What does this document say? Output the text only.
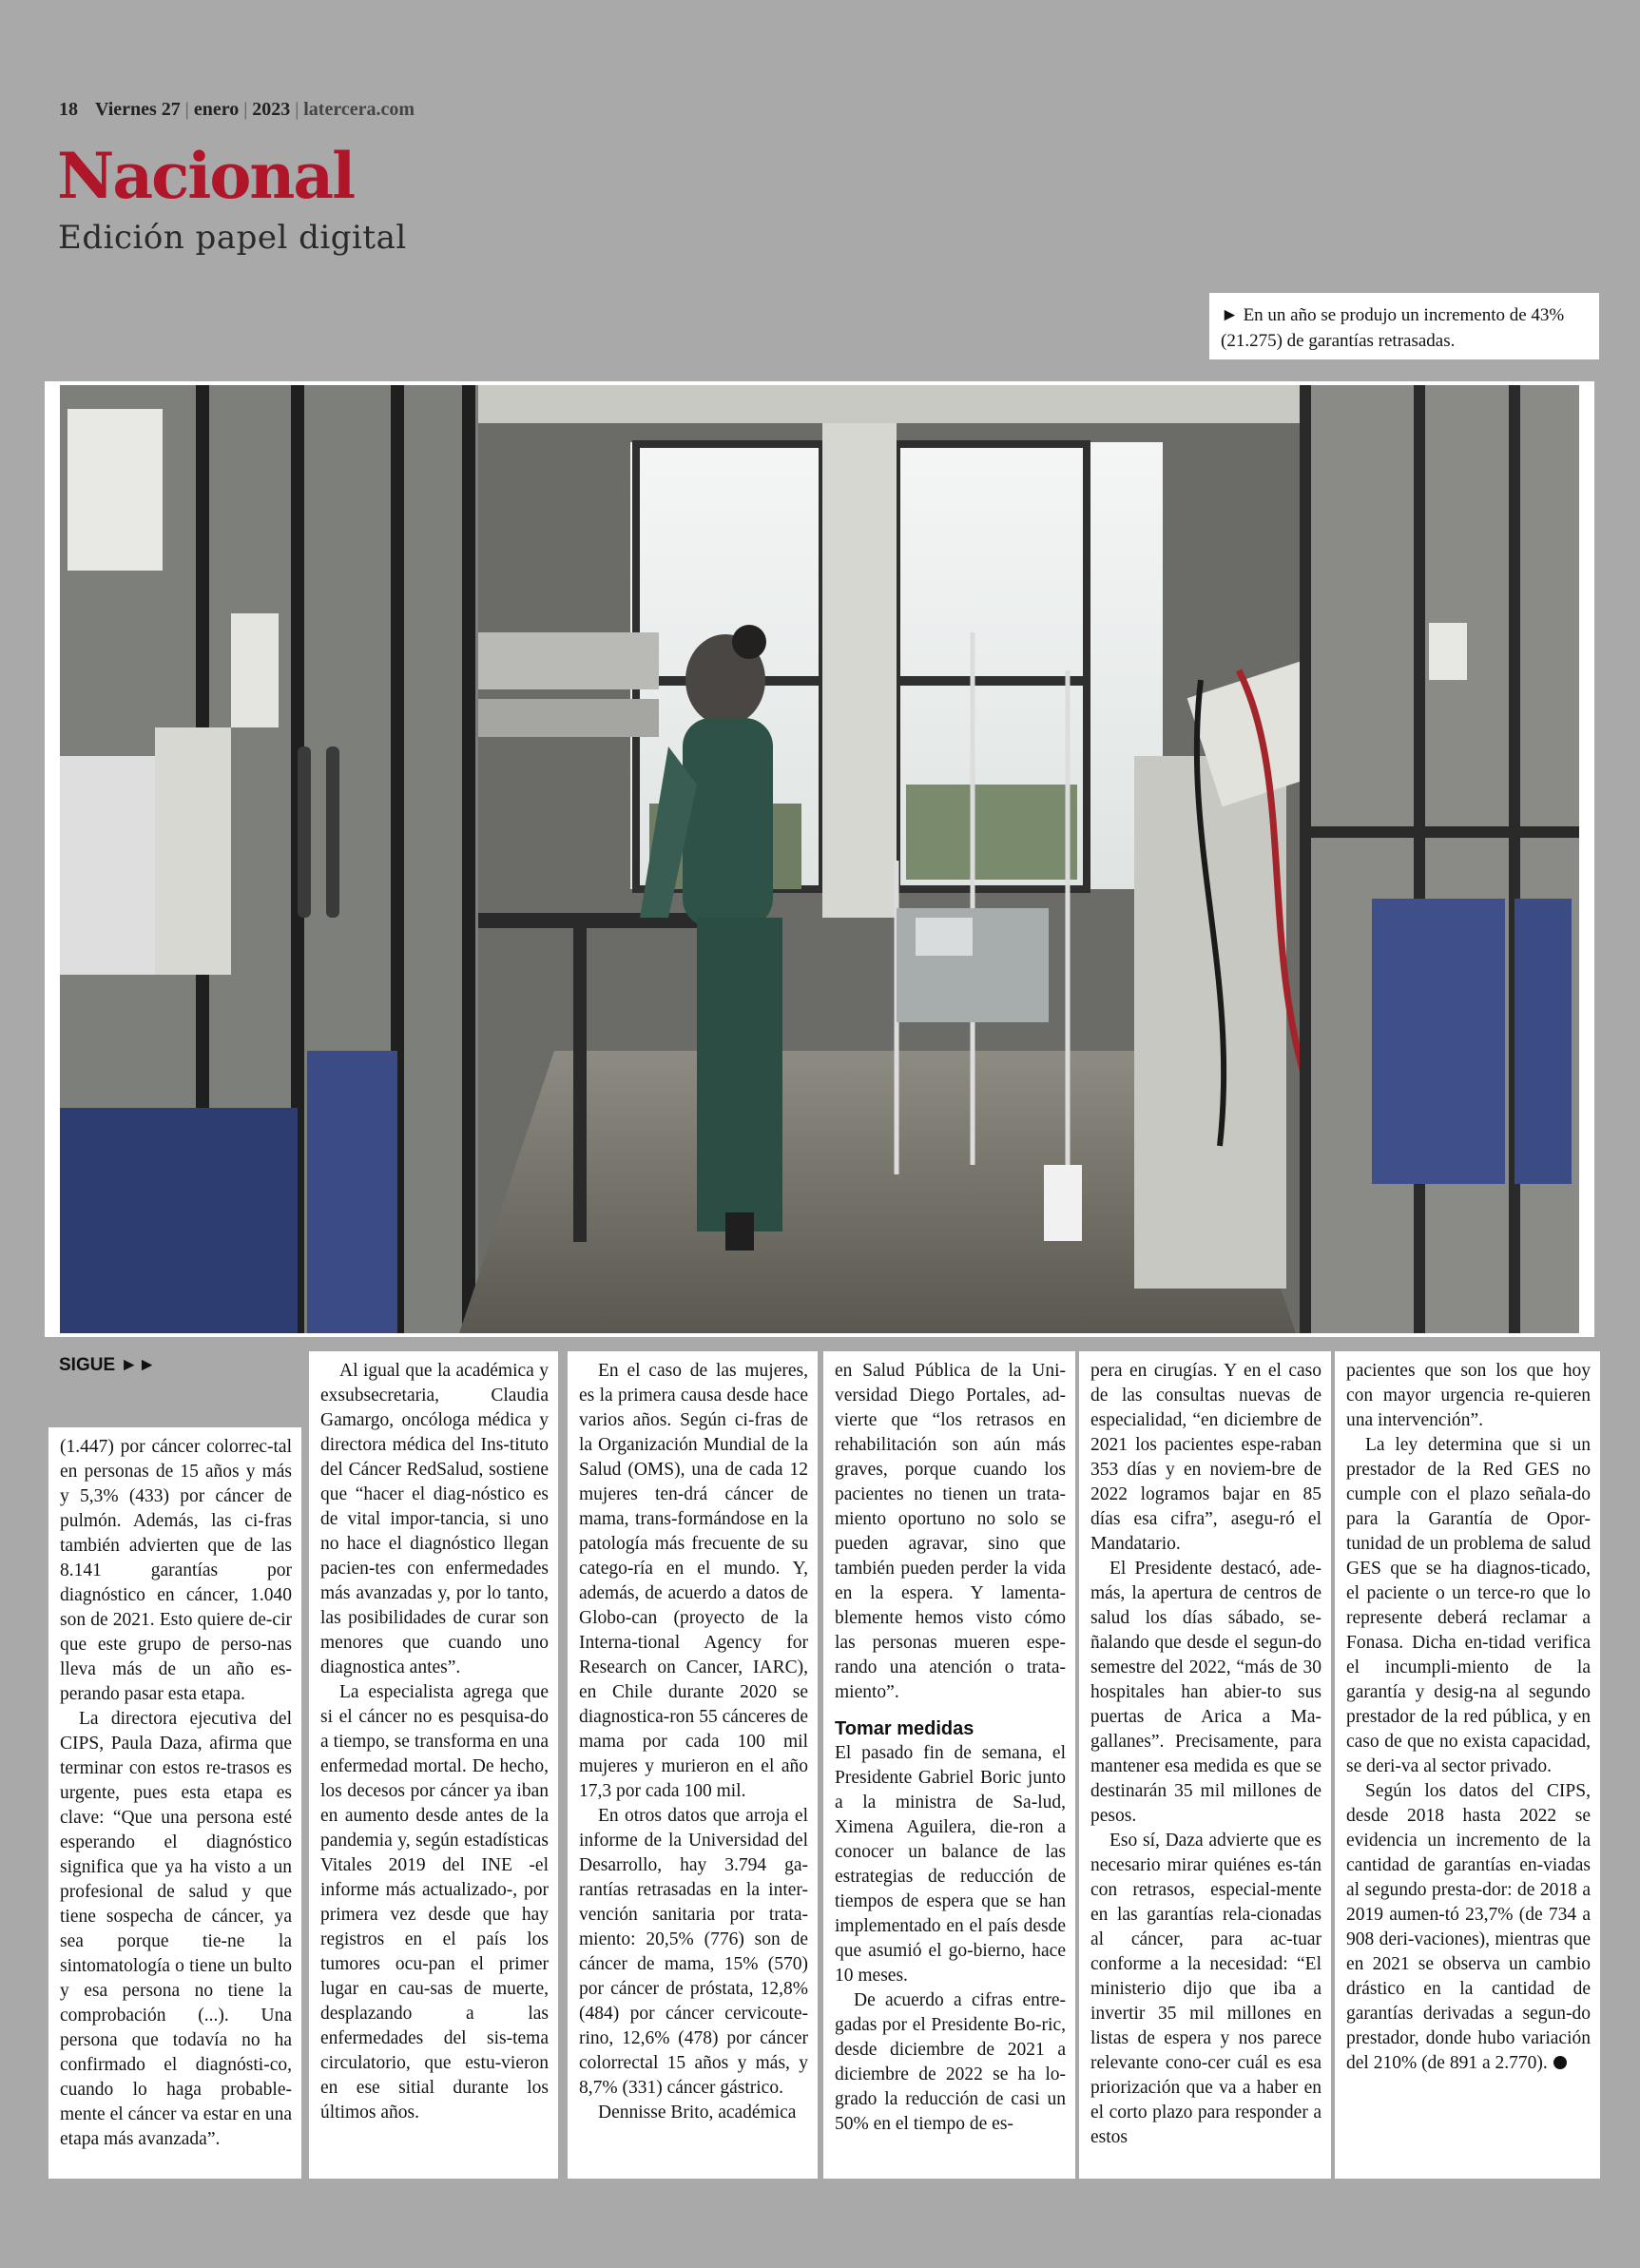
18 Viernes 27 | enero | 2023 | latercera.com
Nacional
Edición papel digital
► En un año se produjo un incremento de 43% (21.275) de garantías retrasadas.
SIGUE ►►

(1.447) por cáncer colorrec-tal en personas de 15 años y más y 5,3% (433) por cáncer de pulmón. Además, las ci-fras también advierten que de las 8.141 garantías por diagnóstico en cáncer, 1.040 son de 2021. Esto quiere de-cir que este grupo de perso-nas lleva más de un año es-perando pasar esta etapa.

La directora ejecutiva del CIPS, Paula Daza, afirma que terminar con estos re-trasos es urgente, pues esta etapa es clave: “Que una persona esté esperando el diagnóstico significa que ya ha visto a un profesional de salud y que tiene sospecha de cáncer, ya sea porque tie-ne la sintomatología o tiene un bulto y esa persona no tiene la comprobación (...). Una persona que todavía no ha confirmado el diagnósti-co, cuando lo haga probable-mente el cáncer va estar en una etapa más avanzada”.

Al igual que la académica y exsubsecretaria, Claudia Gamargo, oncóloga médica y directora médica del Ins-tituto del Cáncer RedSalud, sostiene que “hacer el diag-nóstico es de vital impor-tancia, si uno no hace el diagnóstico llegan pacien-tes con enfermedades más avanzadas y, por lo tanto, las posibilidades de curar son menores que cuando uno diagnostica antes”.

La especialista agrega que si el cáncer no es pesquisa-do a tiempo, se transforma en una enfermedad mortal. De hecho, los decesos por cáncer ya iban en aumento desde antes de la pandemia y, según estadísticas Vitales 2019 del INE -el informe más actualizado-, por primera vez desde que hay registros en el país los tumores ocu-pan el primer lugar en cau-sas de muerte, desplazando a las enfermedades del sis-tema circulatorio, que estu-vieron en ese sitial durante los últimos años.

En el caso de las mujeres, es la primera causa desde hace varios años. Según ci-fras de la Organización Mundial de la Salud (OMS), una de cada 12 mujeres ten-drá cáncer de mama, trans-formándose en la patología más frecuente de su catego-ría en el mundo. Y, además, de acuerdo a datos de Globo-can (proyecto de la Interna-tional Agency for Research on Cancer, IARC), en Chile durante 2020 se diagnostica-ron 55 cánceres de mama por cada 100 mil mujeres y murieron en el año 17,3 por cada 100 mil.

En otros datos que arroja el informe de la Universidad del Desarrollo, hay 3.794 ga-rantías retrasadas en la inter-vención sanitaria por trata-miento: 20,5% (776) son de cáncer de mama, 15% (570) por cáncer de próstata, 12,8% (484) por cáncer cervicoute-rino, 12,6% (478) por cáncer colorrectal 15 años y más, y 8,7% (331) cáncer gástrico.

Dennisse Brito, académica

en Salud Pública de la Uni-versidad Diego Portales, ad-vierte que “los retrasos en rehabilitación son aún más graves, porque cuando los pacientes no tienen un trata-miento oportuno no solo se pueden agravar, sino que también pueden perder la vida en la espera. Y lamenta-blemente hemos visto cómo las personas mueren espe-rando una atención o trata-miento”.

Tomar medidas

El pasado fin de semana, el Presidente Gabriel Boric junto a la ministra de Sa-lud, Ximena Aguilera, die-ron a conocer un balance de las estrategias de reducción de tiempos de espera que se han implementado en el país desde que asumió el go-bierno, hace 10 meses.

De acuerdo a cifras entre-gadas por el Presidente Bo-ric, desde diciembre de 2021 a diciembre de 2022 se ha lo-grado la reducción de casi un 50% en el tiempo de es-

pera en cirugías. Y en el caso de las consultas nuevas de especialidad, “en diciembre de 2021 los pacientes espe-raban 353 días y en noviem-bre de 2022 logramos bajar en 85 días esa cifra”, asegu-ró el Mandatario.

El Presidente destacó, ade-más, la apertura de centros de salud los días sábado, se-ñalando que desde el segun-do semestre del 2022, “más de 30 hospitales han abier-to sus puertas de Arica a Ma-gallanes”. Precisamente, para mantener esa medida es que se destinarán 35 mil millones de pesos.

Eso sí, Daza advierte que es necesario mirar quiénes es-tán con retrasos, especial-mente en las garantías rela-cionadas al cáncer, para ac-tuar conforme a la necesidad: “El ministerio dijo que iba a invertir 35 mil millones en listas de espera y nos parece relevante cono-cer cuál es esa priorización que va a haber en el corto plazo para responder a estos

pacientes que son los que hoy con mayor urgencia re-quieren una intervención”.

La ley determina que si un prestador de la Red GES no cumple con el plazo señala-do para la Garantía de Opor-tunidad de un problema de salud GES que se ha diagnos-ticado, el paciente o un terce-ro que lo represente deberá reclamar a Fonasa. Dicha en-tidad verifica el incumpli-miento de la garantía y desig-na al segundo prestador de la red pública, y en caso de que no exista capacidad, se deri-va al sector privado.

Según los datos del CIPS, desde 2018 hasta 2022 se evidencia un incremento de la cantidad de garantías en-viadas al segundo presta-dor: de 2018 a 2019 aumen-tó 23,7% (de 734 a 908 deri-vaciones), mientras que en 2021 se observa un cambio drástico en la cantidad de garantías derivadas a segun-do prestador, donde hubo variación del 210% (de 891 a 2.770).
